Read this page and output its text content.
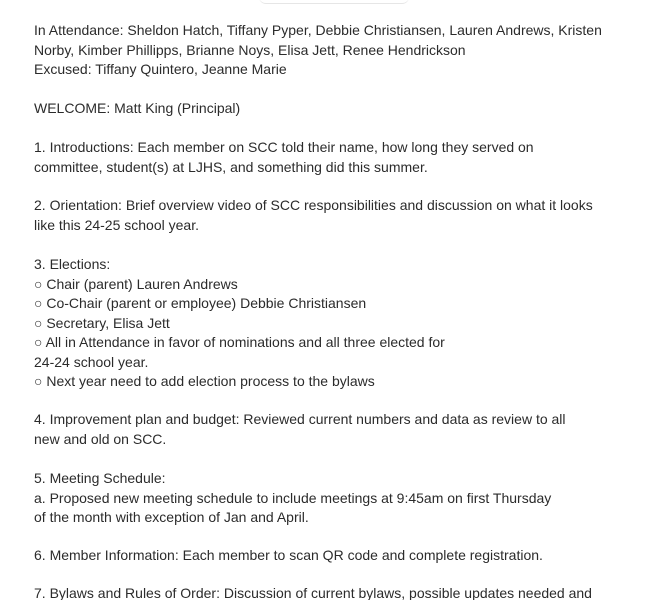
In Attendance: Sheldon Hatch, Tiffany Pyper, Debbie Christiansen, Lauren Andrews, Kristen
Norby, Kimber Phillipps, Brianne Noys, Elisa Jett, Renee Hendrickson
Excused: Tiffany Quintero, Jeanne Marie

WELCOME: Matt King (Principal)

1. Introductions: Each member on SCC told their name, how long they served on
committee, student(s) at LJHS, and something did this summer.

2. Orientation: Brief overview video of SCC responsibilities and discussion on what it looks
like this 24-25 school year.

3. Elections:
○ Chair (parent) Lauren Andrews
○ Co-Chair (parent or employee) Debbie Christiansen
○ Secretary, Elisa Jett
○ All in Attendance in favor of nominations and all three elected for
24-24 school year.
○ Next year need to add election process to the bylaws

4. Improvement plan and budget: Reviewed current numbers and data as review to all
new and old on SCC.

5. Meeting Schedule:
a. Proposed new meeting schedule to include meetings at 9:45am on first Thursday
of the month with exception of Jan and April.

6. Member Information: Each member to scan QR code and complete registration.

7. Bylaws and Rules of Order: Discussion of current bylaws, possible updates needed and
